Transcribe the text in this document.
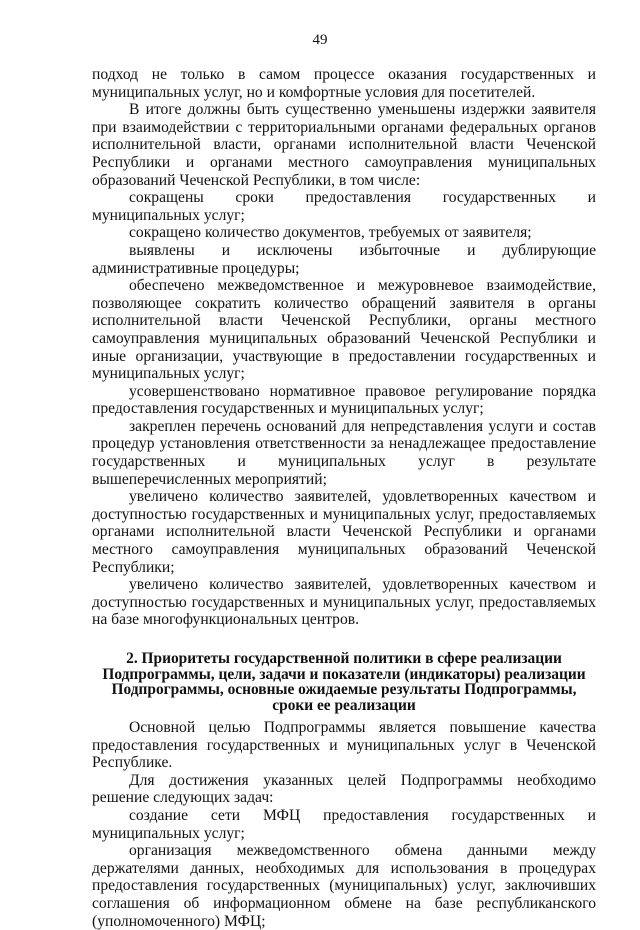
49

подход не только в самом процессе оказания государственных и муниципальных услуг, но и комфортные условия для посетителей.

В итоге должны быть существенно уменьшены издержки заявителя при взаимодействии с территориальными органами федеральных органов исполнительной власти, органами исполнительной власти Чеченской Республики и органами местного самоуправления муниципальных образований Чеченской Республики, в том числе:

сокращены сроки предоставления государственных и муниципальных услуг;

сокращено количество документов, требуемых от заявителя;

выявлены и исключены избыточные и дублирующие административные процедуры;

обеспечено межведомственное и межуровневое взаимодействие, позволяющее сократить количество обращений заявителя в органы исполнительной власти Чеченской Республики, органы местного самоуправления муниципальных образований Чеченской Республики и иные организации, участвующие в предоставлении государственных и муниципальных услуг;

усовершенствовано нормативное правовое регулирование порядка предоставления государственных и муниципальных услуг;

закреплен перечень оснований для непредставления услуги и состав процедур установления ответственности за ненадлежащее предоставление государственных и муниципальных услуг в результате вышеперечисленных мероприятий;

увеличено количество заявителей, удовлетворенных качеством и доступностью государственных и муниципальных услуг, предоставляемых органами исполнительной власти Чеченской Республики и органами местного самоуправления муниципальных образований Чеченской Республики;

увеличено количество заявителей, удовлетворенных качеством и доступностью государственных и муниципальных услуг, предоставляемых на базе многофункциональных центров.

2. Приоритеты государственной политики в сфере реализации
Подпрограммы, цели, задачи и показатели (индикаторы) реализации
Подпрограммы, основные ожидаемые результаты Подпрограммы,
сроки ее реализации

Основной целью Подпрограммы является повышение качества предоставления государственных и муниципальных услуг в Чеченской Республике.

Для достижения указанных целей Подпрограммы необходимо решение следующих задач:

создание сети МФЦ предоставления государственных и муниципальных услуг;

организация межведомственного обмена данными между держателями данных, необходимых для использования в процедурах предоставления государственных (муниципальных) услуг, заключивших соглашения об информационном обмене на базе республиканского (уполномоченного) МФЦ;
